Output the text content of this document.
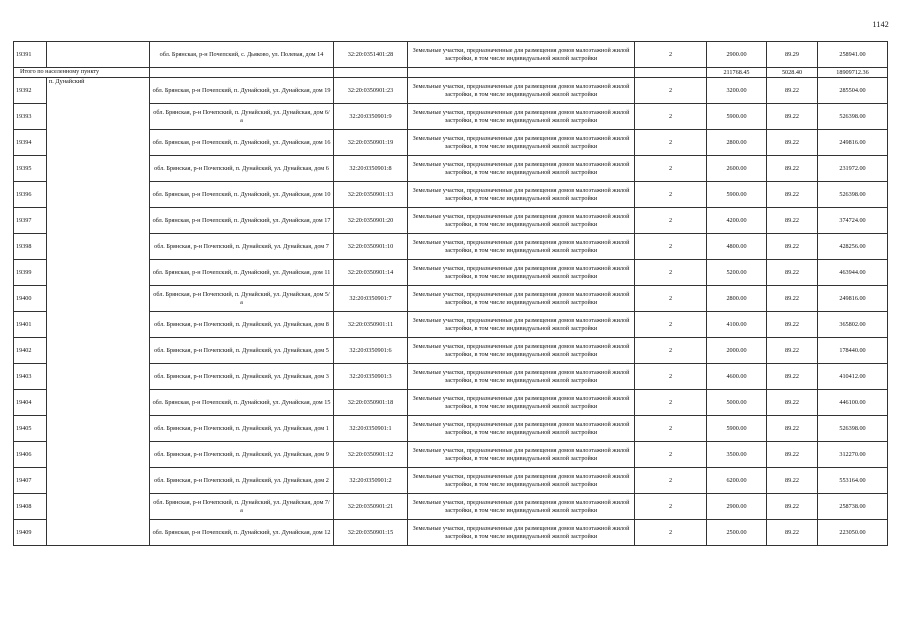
1142
19391		обл. Брянская, р-н Почепский, с. Дьяково, ул. Полевая, дом 14	32:20:0351401:28	Земельные участки, предназначенные для размещения домов малоэтажной жилой застройки, в том числе индивидуальной жилой застройки	2	2900.00	89.29	258941.00
Итого по населенному пункту						211768.45	5028.40	18909712.36
19392	п. Дунайский	обл. Брянская, р-н Почепский, п. Дунайский, ул. Дунайская, дом 19	32:20:0350901:23	Земельные участки, предназначенные для размещения домов малоэтажной жилой застройки, в том числе индивидуальной жилой застройки	2	3200.00	89.22	285504.00
19393		обл. Брянская, р-н Почепский, п. Дунайский, ул. Дунайская, дом 6/а	32:20:0350901:9	Земельные участки, предназначенные для размещения домов малоэтажной жилой застройки, в том числе индивидуальной жилой застройки	2	5900.00	89.22	526398.00
19394		обл. Брянская, р-н Почепский, п. Дунайский, ул. Дунайская, дом 16	32:20:0350901:19	Земельные участки, предназначенные для размещения домов малоэтажной жилой застройки, в том числе индивидуальной жилой застройки	2	2800.00	89.22	249816.00
19395		обл. Брянская, р-н Почепский, п. Дунайский, ул. Дунайская, дом 6	32:20:0350901:8	Земельные участки, предназначенные для размещения домов малоэтажной жилой застройки, в том числе индивидуальной жилой застройки	2	2600.00	89.22	231972.00
19396		обл. Брянская, р-н Почепский, п. Дунайский, ул. Дунайская, дом 10	32:20:0350901:13	Земельные участки, предназначенные для размещения домов малоэтажной жилой застройки, в том числе индивидуальной жилой застройки	2	5900.00	89.22	526398.00
19397		обл. Брянская, р-н Почепский, п. Дунайский, ул. Дунайская, дом 17	32:20:0350901:20	Земельные участки, предназначенные для размещения домов малоэтажной жилой застройки, в том числе индивидуальной жилой застройки	2	4200.00	89.22	374724.00
19398		обл. Брянская, р-н Почепский, п. Дунайский, ул. Дунайская, дом 7	32:20:0350901:10	Земельные участки, предназначенные для размещения домов малоэтажной жилой застройки, в том числе индивидуальной жилой застройки	2	4800.00	89.22	428256.00
19399		обл. Брянская, р-н Почепский, п. Дунайский, ул. Дунайская, дом 11	32:20:0350901:14	Земельные участки, предназначенные для размещения домов малоэтажной жилой застройки, в том числе индивидуальной жилой застройки	2	5200.00	89.22	463944.00
19400		обл. Брянская, р-н Почепский, п. Дунайский, ул. Дунайская, дом 5/а	32:20:0350901:7	Земельные участки, предназначенные для размещения домов малоэтажной жилой застройки, в том числе индивидуальной жилой застройки	2	2800.00	89.22	249816.00
19401		обл. Брянская, р-н Почепский, п. Дунайский, ул. Дунайская, дом 8	32:20:0350901:11	Земельные участки, предназначенные для размещения домов малоэтажной жилой застройки, в том числе индивидуальной жилой застройки	2	4100.00	89.22	365802.00
19402		обл. Брянская, р-н Почепский, п. Дунайский, ул. Дунайская, дом 5	32:20:0350901:6	Земельные участки, предназначенные для размещения домов малоэтажной жилой застройки, в том числе индивидуальной жилой застройки	2	2000.00	89.22	178440.00
19403		обл. Брянская, р-н Почепский, п. Дунайский, ул. Дунайская, дом 3	32:20:0350901:3	Земельные участки, предназначенные для размещения домов малоэтажной жилой застройки, в том числе индивидуальной жилой застройки	2	4600.00	89.22	410412.00
19404		обл. Брянская, р-н Почепский, п. Дунайский, ул. Дунайская, дом 15	32:20:0350901:18	Земельные участки, предназначенные для размещения домов малоэтажной жилой застройки, в том числе индивидуальной жилой застройки	2	5000.00	89.22	446100.00
19405		обл. Брянская, р-н Почепский, п. Дунайский, ул. Дунайская, дом 1	32:20:0350901:1	Земельные участки, предназначенные для размещения домов малоэтажной жилой застройки, в том числе индивидуальной жилой застройки	2	5900.00	89.22	526398.00
19406		обл. Брянская, р-н Почепский, п. Дунайский, ул. Дунайская, дом 9	32:20:0350901:12	Земельные участки, предназначенные для размещения домов малоэтажной жилой застройки, в том числе индивидуальной жилой застройки	2	3500.00	89.22	312270.00
19407		обл. Брянская, р-н Почепский, п. Дунайский, ул. Дунайская, дом 2	32:20:0350901:2	Земельные участки, предназначенные для размещения домов малоэтажной жилой застройки, в том числе индивидуальной жилой застройки	2	6200.00	89.22	553164.00
19408		обл. Брянская, р-н Почепский, п. Дунайский, ул. Дунайская, дом 7/а	32:20:0350901:21	Земельные участки, предназначенные для размещения домов малоэтажной жилой застройки, в том числе индивидуальной жилой застройки	2	2900.00	89.22	258738.00
19409		обл. Брянская, р-н Почепский, п. Дунайский, ул. Дунайская, дом 12	32:20:0350901:15	Земельные участки, предназначенные для размещения домов малоэтажной жилой застройки, в том числе индивидуальной жилой застройки	2	2500.00	89.22	223050.00
